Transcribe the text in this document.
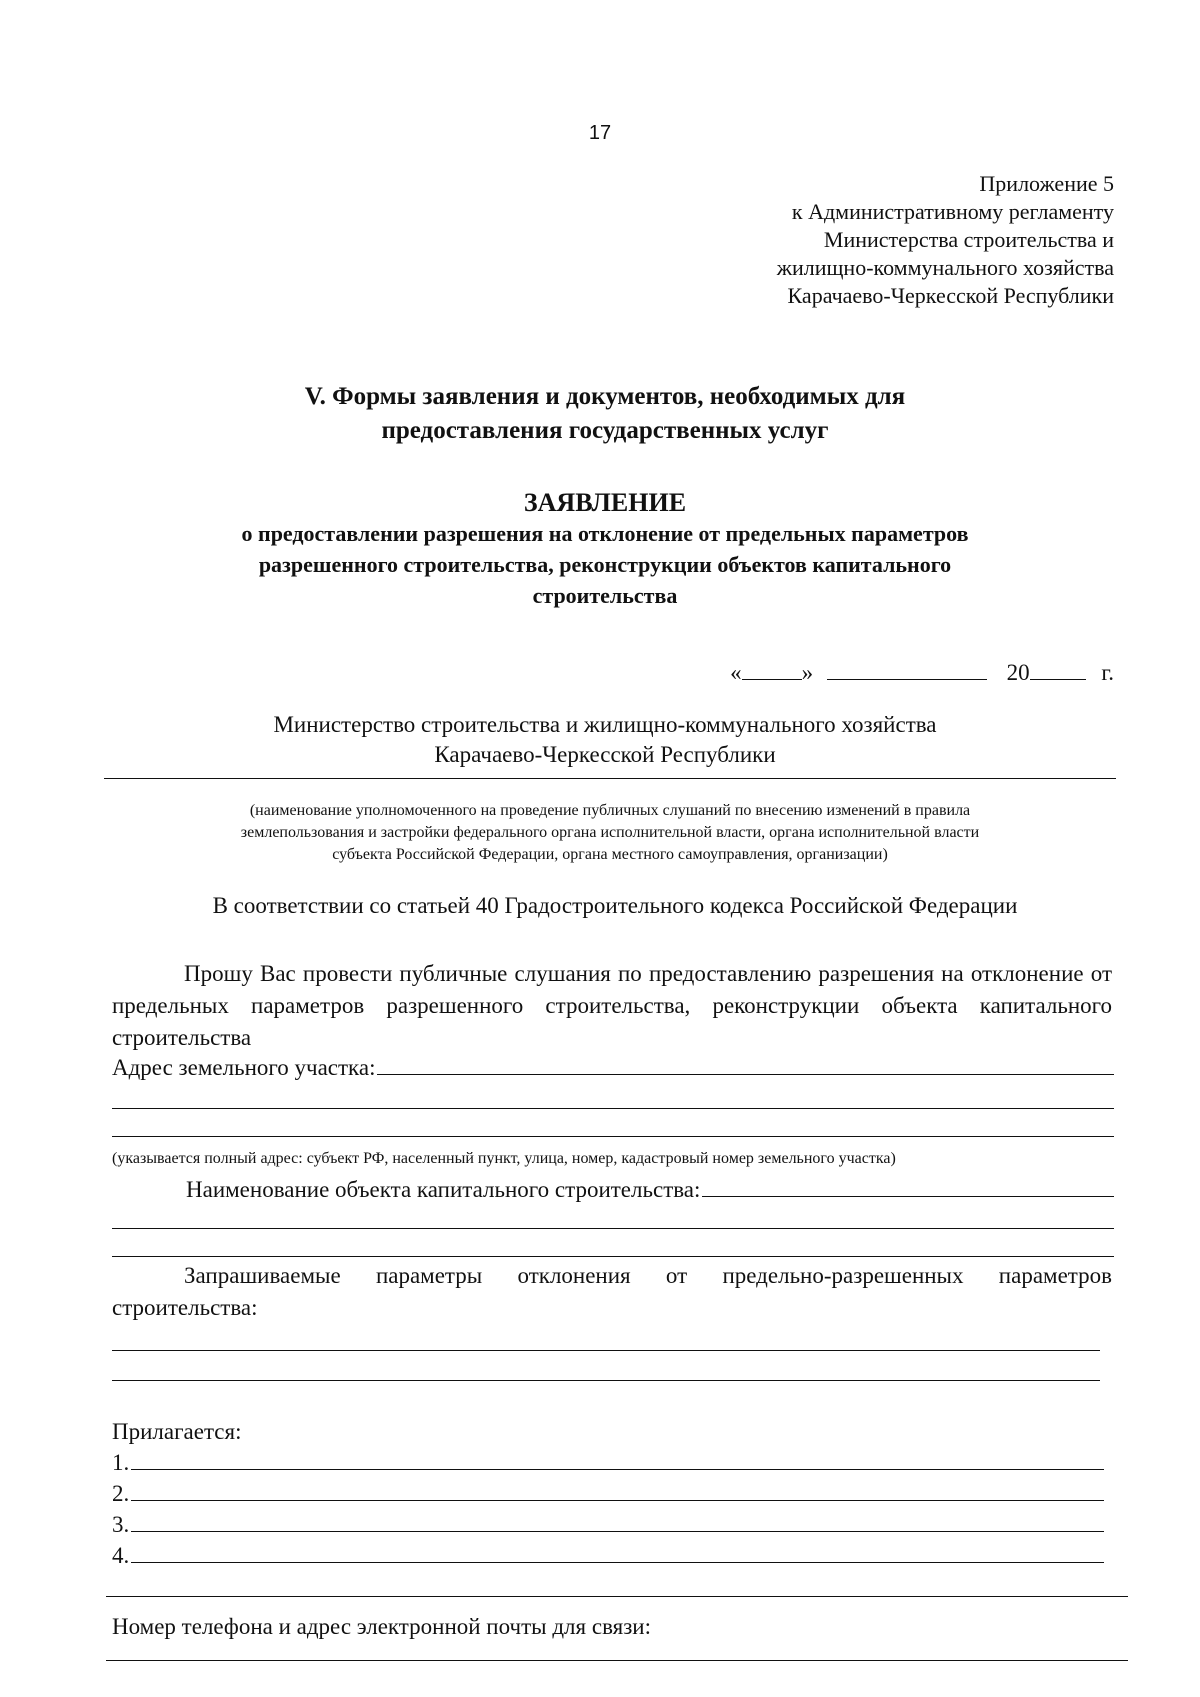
17
Приложение 5
к Административному регламенту
Министерства строительства и
жилищно-коммунального хозяйства
Карачаево-Черкесской Республики
V. Формы заявления и документов, необходимых для
предоставления государственных услуг
ЗАЯВЛЕНИЕ
о предоставлении разрешения на отклонение от предельных параметров
разрешенного строительства, реконструкции объектов капитального
строительства
«	»	20	г.
Министерство строительства и жилищно-коммунального хозяйства
Карачаево-Черкесской Республики
(наименование уполномоченного на проведение публичных слушаний по внесению изменений в правила
землепользования и застройки федерального органа исполнительной власти, органа исполнительной власти
субъекта Российской Федерации, органа местного самоуправления, организации)
В соответствии со статьей 40 Градостроительного кодекса Российской Федерации
Прошу Вас провести публичные слушания по предоставлению разрешения на отклонение от предельных параметров разрешенного строительства, реконструкции объекта капитального строительства
Адрес земельного участка:
(указывается полный адрес: субъект РФ, населенный пункт, улица, номер, кадастровый номер земельного участка)
Наименование объекта капитального строительства:
Запрашиваемые параметры отклонения от предельно-разрешенных параметров строительства:
Прилагается:
1.
2.
3.
4.
Номер телефона и адрес электронной почты для связи:
